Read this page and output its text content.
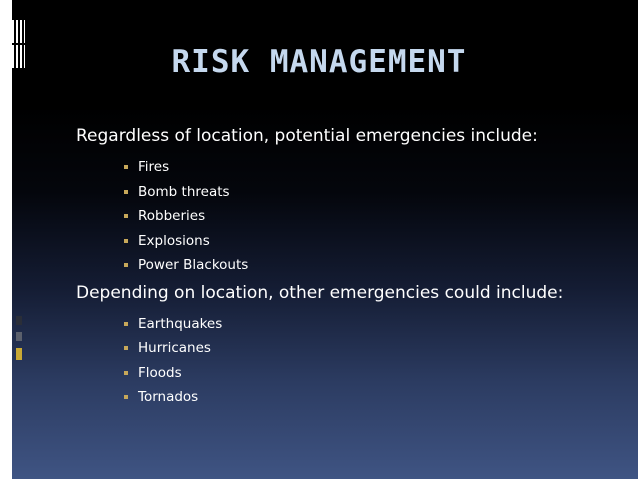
RISK MANAGEMENT

Regardless of location, potential emergencies include:

Fires
Bomb threats
Robberies
Explosions
Power Blackouts

Depending on location, other emergencies could include:

Earthquakes
Hurricanes
Floods
Tornados
